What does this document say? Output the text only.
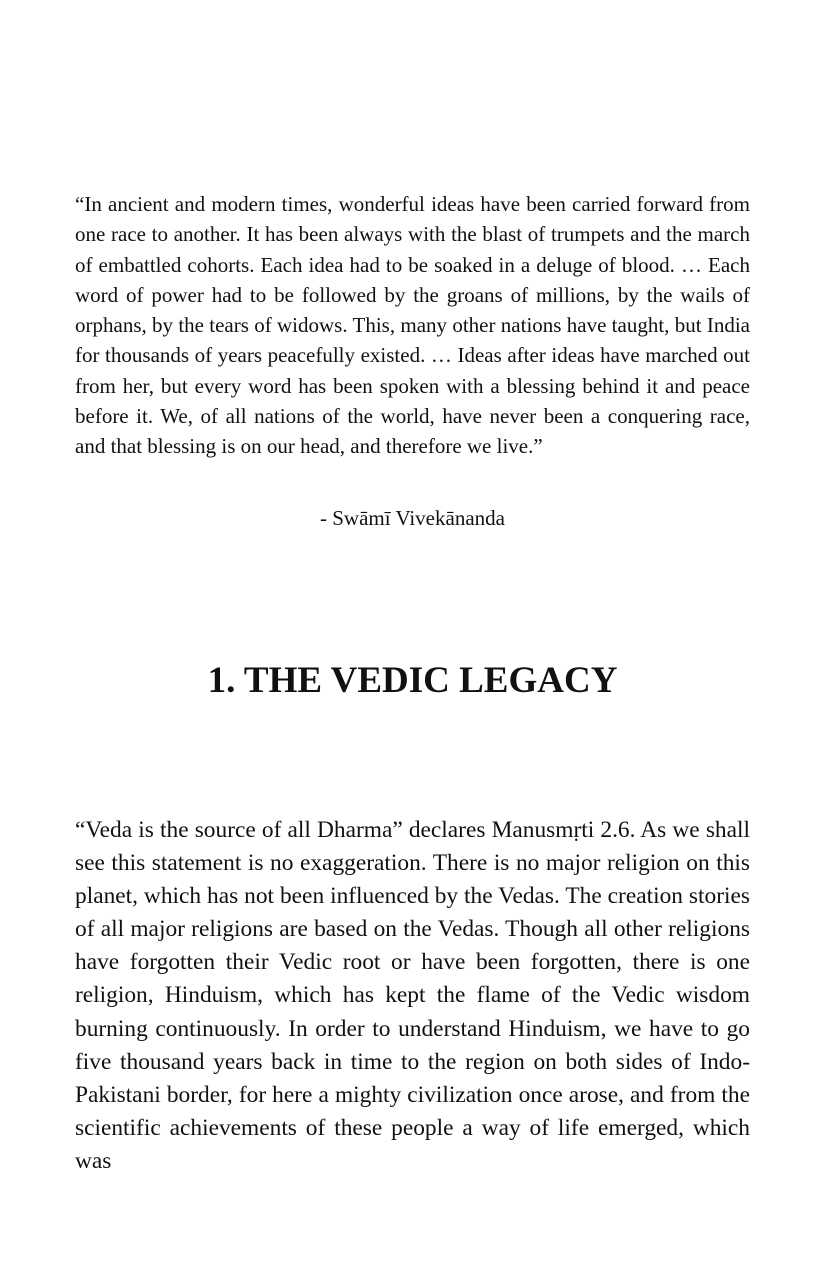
“In ancient and modern times, wonderful ideas have been carried forward from one race to another. It has been always with the blast of trumpets and the march of embattled cohorts. Each idea had to be soaked in a deluge of blood. … Each word of power had to be followed by the groans of millions, by the wails of orphans, by the tears of widows. This, many other nations have taught, but India for thousands of years peacefully existed. … Ideas after ideas have marched out from her, but every word has been spoken with a blessing behind it and peace before it. We, of all nations of the world, have never been a conquering race, and that blessing is on our head, and therefore we live.”

- Swāmī Vivekānanda

1. THE VEDIC LEGACY

“Veda is the source of all Dharma” declares Manusmṛti 2.6. As we shall see this statement is no exaggeration. There is no major religion on this planet, which has not been influenced by the Vedas. The creation stories of all major religions are based on the Vedas. Though all other religions have forgotten their Vedic root or have been forgotten, there is one religion, Hinduism, which has kept the flame of the Vedic wisdom burning continuously. In order to understand Hinduism, we have to go five thousand years back in time to the region on both sides of Indo-Pakistani border, for here a mighty civilization once arose, and from the scientific achievements of these people a way of life emerged, which was
